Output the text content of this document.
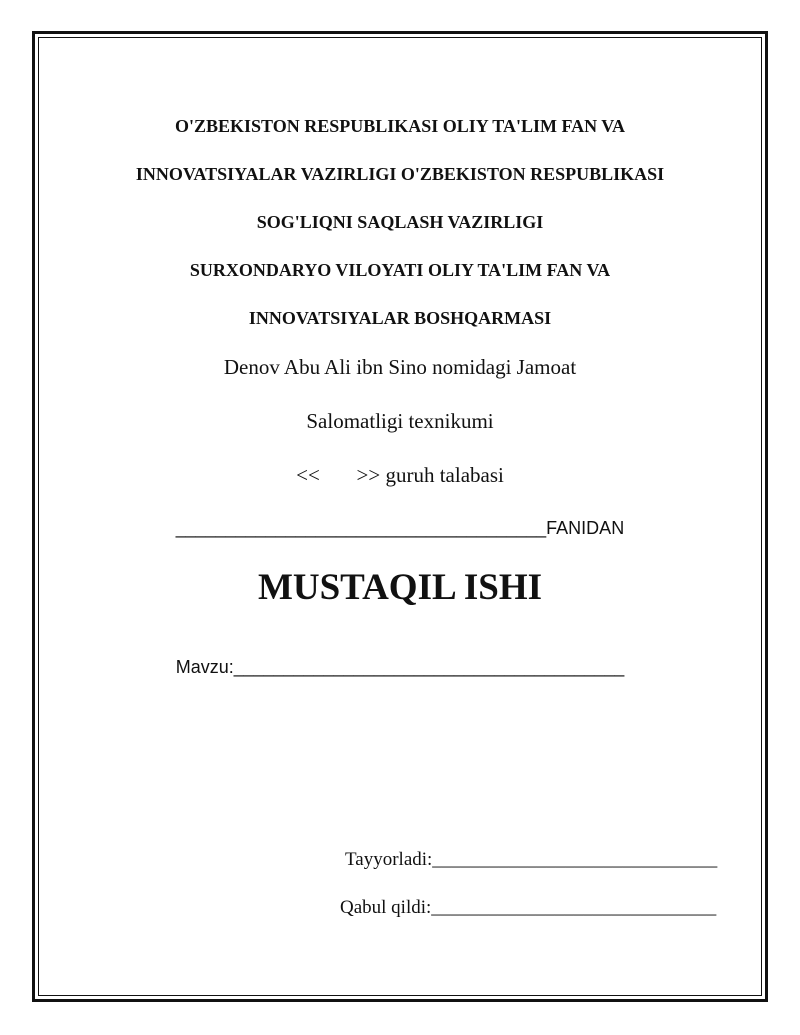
O'ZBEKISTON RESPUBLIKASI OLIY TA'LIM FAN VA
INNOVATSIYALAR VAZIRLIGI O'ZBEKISTON RESPUBLIKASI
SOG'LIQNI SAQLASH VAZIRLIGI
SURXONDARYO VILOYATI OLIY TA'LIM FAN VA
INNOVATSIYALAR BOSHQARMASI
Denov Abu Ali ibn Sino nomidagi Jamoat
Salomatligi texnikumi
<<       >> guruh talabasi
_____________________________________FANIDAN
MUSTAQIL ISHI
Mavzu:_______________________________________
Tayyorladi:______________________________
Qabul qildi:______________________________
